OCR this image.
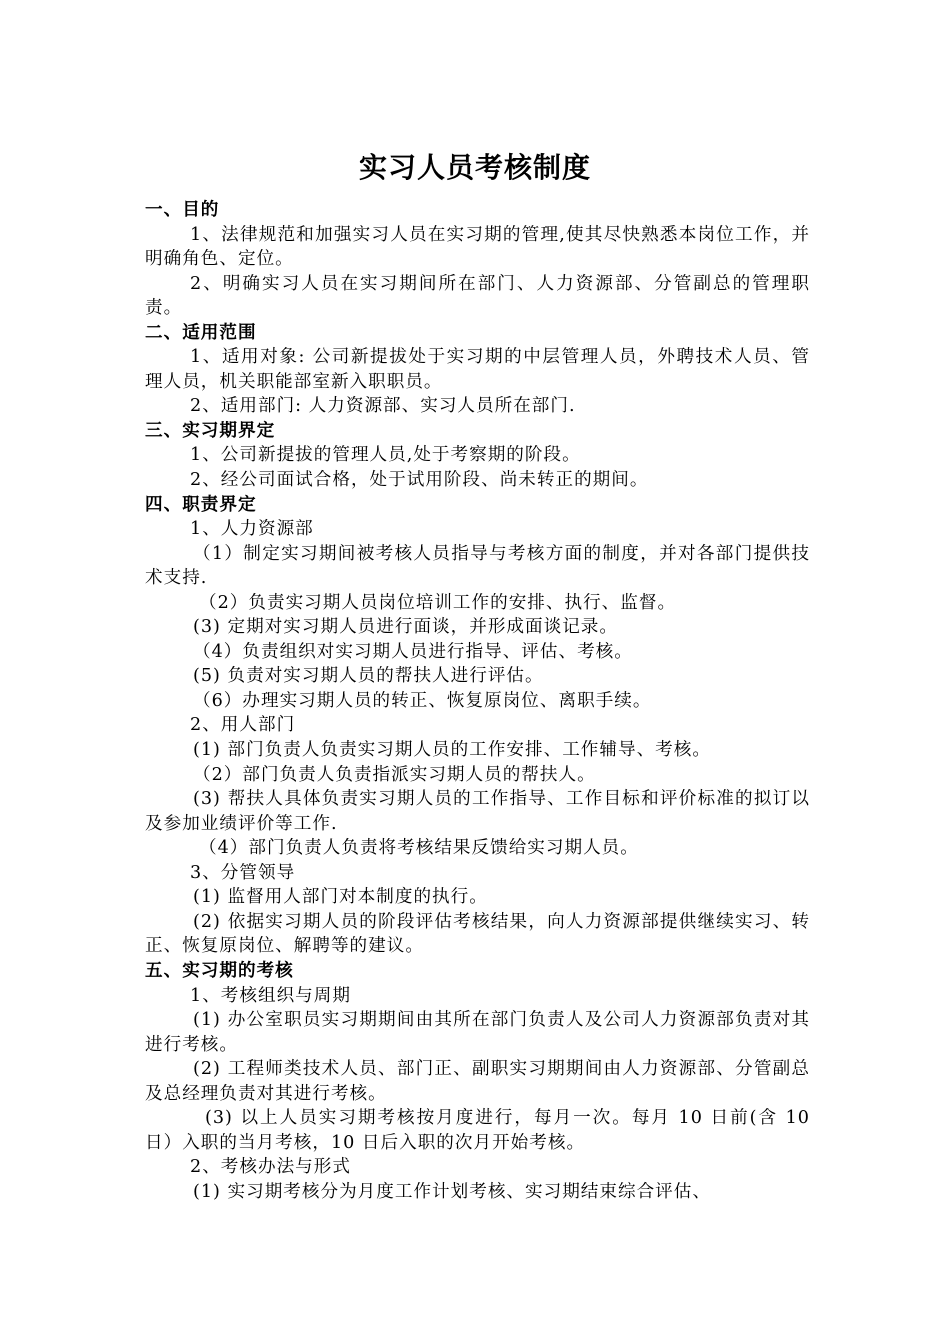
实习人员考核制度

一、目的

1、法律规范和加强实习人员在实习期的管理,使其尽快熟悉本岗位工作，并明确角色、定位。

2、明确实习人员在实习期间所在部门、人力资源部、分管副总的管理职责。

二、适用范围

1、适用对象: 公司新提拔处于实习期的中层管理人员，外聘技术人员、管理人员，机关职能部室新入职职员。

2、适用部门: 人力资源部、实习人员所在部门.

三、实习期界定

1、公司新提拔的管理人员,处于考察期的阶段。

2、经公司面试合格，处于试用阶段、尚未转正的期间。

四、职责界定

1、人力资源部

（1）制定实习期间被考核人员指导与考核方面的制度，并对各部门提供技术支持.

（2）负责实习期人员岗位培训工作的安排、执行、监督。

(3) 定期对实习期人员进行面谈，并形成面谈记录。

（4）负责组织对实习期人员进行指导、评估、考核。

(5) 负责对实习期人员的帮扶人进行评估。

（6）办理实习期人员的转正、恢复原岗位、离职手续。

2、用人部门

(1) 部门负责人负责实习期人员的工作安排、工作辅导、考核。

（2）部门负责人负责指派实习期人员的帮扶人。

(3) 帮扶人具体负责实习期人员的工作指导、工作目标和评价标准的拟订以及参加业绩评价等工作.

（4）部门负责人负责将考核结果反馈给实习期人员。

3、分管领导

(1) 监督用人部门对本制度的执行。

(2) 依据实习期人员的阶段评估考核结果，向人力资源部提供继续实习、转正、恢复原岗位、解聘等的建议。

五、实习期的考核

1、考核组织与周期

(1) 办公室职员实习期期间由其所在部门负责人及公司人力资源部负责对其进行考核。

(2) 工程师类技术人员、部门正、副职实习期期间由人力资源部、分管副总及总经理负责对其进行考核。

(3) 以上人员实习期考核按月度进行，每月一次。每月 10 日前(含 10 日）入职的当月考核，10 日后入职的次月开始考核。

2、考核办法与形式

(1) 实习期考核分为月度工作计划考核、实习期结束综合评估、
